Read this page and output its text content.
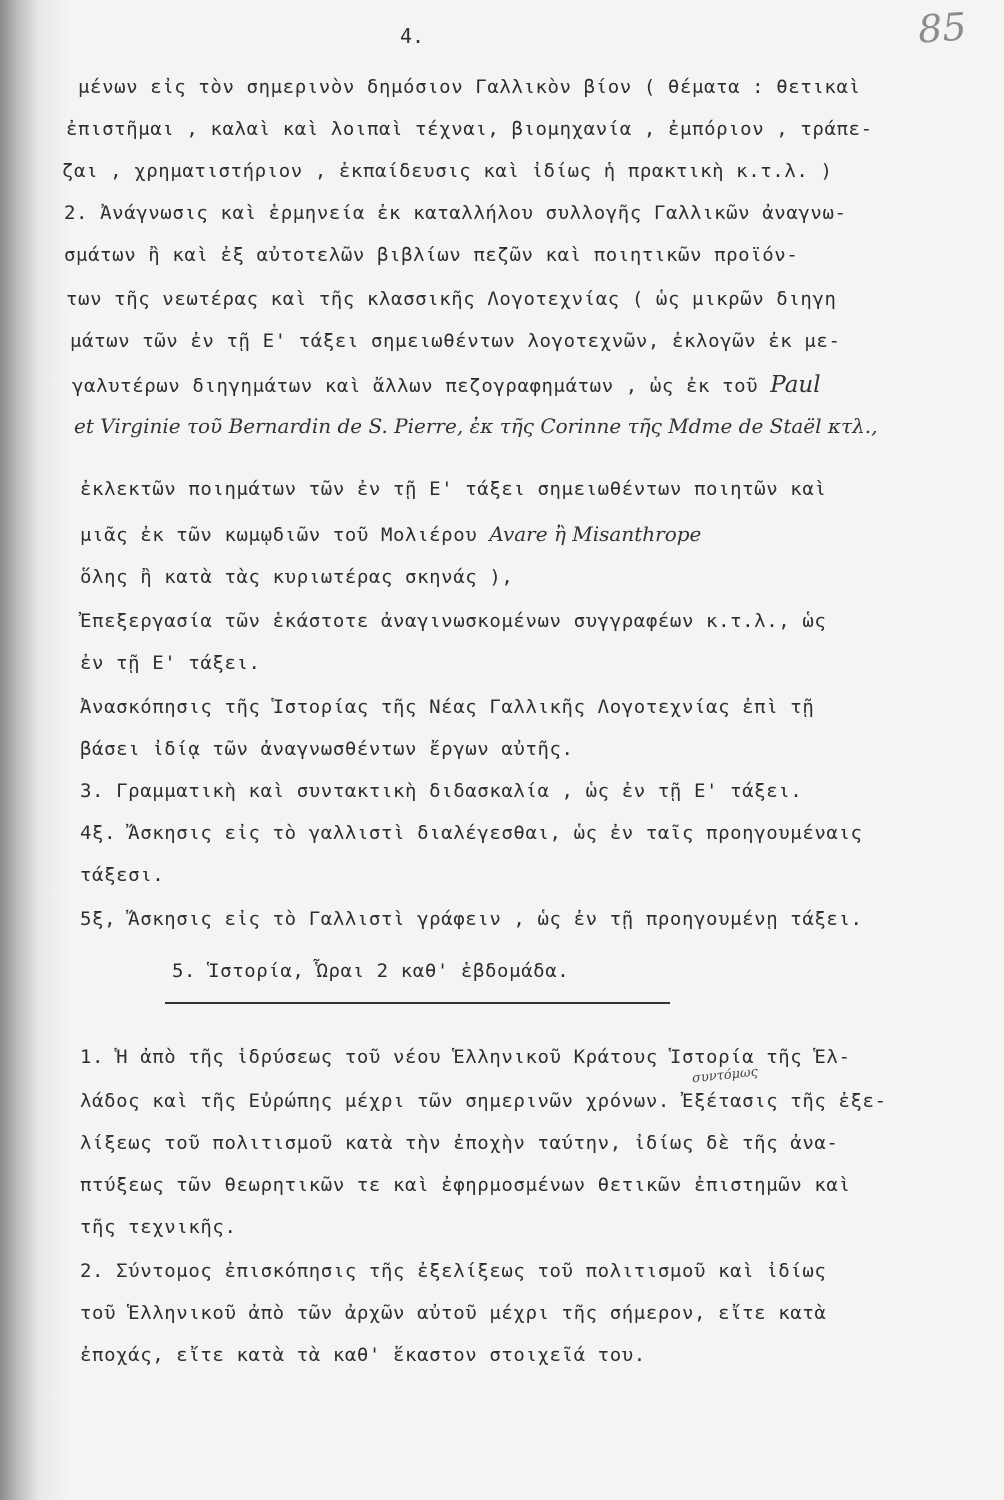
4.	85
μένων εἰς τὸν σημερινὸν δημόσιον Γαλλικὸν βίον ( θέματα : θετικαὶ
ἐπιστῆμαι , καλαὶ καὶ λοιπαὶ τέχναι, βιομηχανία , ἐμπόριον , τράπε-
ζαι , χρηματιστήριον , ἐκπαίδευσις καὶ ἰδίως ἡ πρακτικὴ κ.τ.λ. )
2. Ἀνάγνωσις καὶ ἑρμηνεία ἐκ καταλλήλου συλλογῆς Γαλλικῶν ἀναγνω-
σμάτων ἢ καὶ ἐξ αὐτοτελῶν βιβλίων πεζῶν καὶ ποιητικῶν προϊόν-
των τῆς νεωτέρας καὶ τῆς κλασσικῆς Λογοτεχνίας ( ὡς μικρῶν διηγη
μάτων τῶν ἐν τῇ Ε' τάξει σημειωθέντων λογοτεχνῶν, ἐκλογῶν ἐκ με-
γαλυτέρων διηγημάτων καὶ ἄλλων πεζογραφημάτων , ὡς ἐκ τοῦ Paul
et Virginie τοῦ Bernardin de S. Pierre, ἐκ τῆς Corinne τῆς Mdme de Staël κτλ.,
ἐκλεκτῶν ποιημάτων τῶν ἐν τῇ Ε' τάξει σημειωθέντων ποιητῶν καὶ
μιᾶς ἐκ τῶν κωμῳδιῶν τοῦ Μολιέρου Avare ἢ Misanthrope
ὅλης ἢ κατὰ τὰς κυριωτέρας σκηνάς ),
Ἐπεξεργασία τῶν ἑκάστοτε ἀναγινωσκομένων συγγραφέων κ.τ.λ., ὡς
ἐν τῇ Ε' τάξει.
Ἀνασκόπησις τῆς Ἱστορίας τῆς Νέας Γαλλικῆς Λογοτεχνίας ἐπὶ τῇ
βάσει ἰδίᾳ τῶν ἀναγνωσθέντων ἔργων αὐτῆς.
3. Γραμματικὴ καὶ συντακτικὴ διδασκαλία , ὡς ἐν τῇ Ε' τάξει.
4ξ. Ἄσκησις εἰς τὸ γαλλιστὶ διαλέγεσθαι, ὡς ἐν ταῖς προηγουμέναις
τάξεσι.
5ξ, Ἄσκησις εἰς τὸ Γαλλιστὶ γράφειν , ὡς ἐν τῇ προηγουμένῃ τάξει.
5. Ἱστορία, Ὧραι 2 καθ' ἑβδομάδα.
1. Ἡ ἀπὸ τῆς ἱδρύσεως τοῦ νέου Ἑλληνικοῦ Κράτους Ἱστορία τῆς Ἑλ-
συντόμως
λάδος καὶ τῆς Εὐρώπης μέχρι τῶν σημερινῶν χρόνων. Ἐξέτασις τῆς ἐξε-
λίξεως τοῦ πολιτισμοῦ κατὰ τὴν ἐποχὴν ταύτην, ἰδίως δὲ τῆς ἀνα-
πτύξεως τῶν θεωρητικῶν τε καὶ ἐφηρμοσμένων θετικῶν ἐπιστημῶν καὶ
τῆς τεχνικῆς.
2. Σύντομος ἐπισκόπησις τῆς ἐξελίξεως τοῦ πολιτισμοῦ καὶ ἰδίως
τοῦ Ἑλληνικοῦ ἀπὸ τῶν ἀρχῶν αὐτοῦ μέχρι τῆς σήμερον, εἴτε κατὰ
ἐποχάς, εἴτε κατὰ τὰ καθ' ἕκαστον στοιχεῖά του.
